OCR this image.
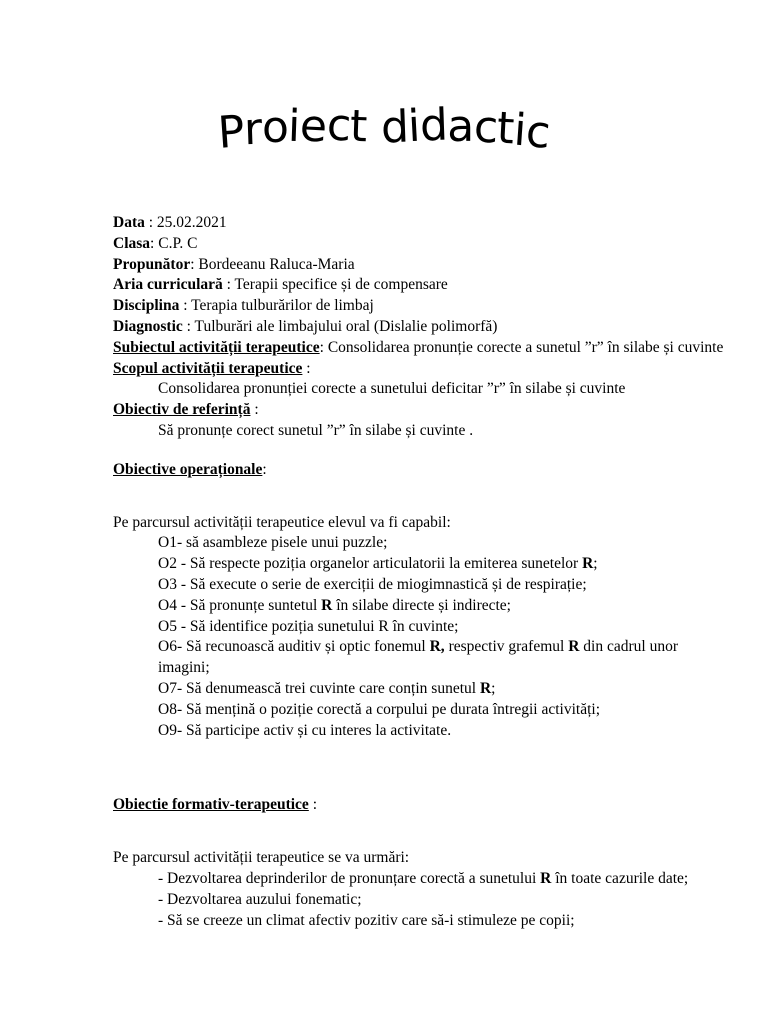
P
r o i
e
c
t
d
i
d a c
t
i
c
Data : 25.02.2021
Clasa: C.P. C
Propunător: Bordeeanu Raluca-Maria
Aria curriculară : Terapii specifice și de compensare
Disciplina : Terapia tulburărilor de limbaj
Diagnostic : Tulburări ale limbajului oral (Dislalie polimorfă)
Subiectul activității terapeutice: Consolidarea pronunție corecte a sunetul ”r” în silabe și cuvinte
Scopul activității terapeutice :
Consolidarea pronunției corecte a sunetului deficitar ”r” în silabe și cuvinte
Obiectiv de referință :
Să pronunțe corect sunetul ”r” în silabe și cuvinte .
Obiective operaționale:
Pe parcursul activității terapeutice elevul va fi capabil:
O1- să asambleze pisele unui puzzle;
O2 - Să respecte poziția organelor articulatorii la emiterea sunetelor R;
O3 - Să execute o serie de exerciții de miogimnastică și de respirație;
O4 - Să pronunțe suntetul R în silabe directe și indirecte;
O5 - Să identifice poziția sunetului R în cuvinte;
O6- Să recunoască auditiv și optic fonemul R, respectiv grafemul R din cadrul unor imagini;
O7- Să denumească trei cuvinte care conțin sunetul R;
O8- Să mențină o poziție corectă a corpului pe durata întregii activități;
O9- Să participe activ și cu interes la activitate.
Obiectie formativ-terapeutice :
Pe parcursul activității terapeutice se va urmări:
- Dezvoltarea deprinderilor de pronunțare corectă a sunetului R în toate cazurile date;
- Dezvoltarea auzului fonematic;
- Să se creeze un climat afectiv pozitiv care să-i stimuleze pe copii;
